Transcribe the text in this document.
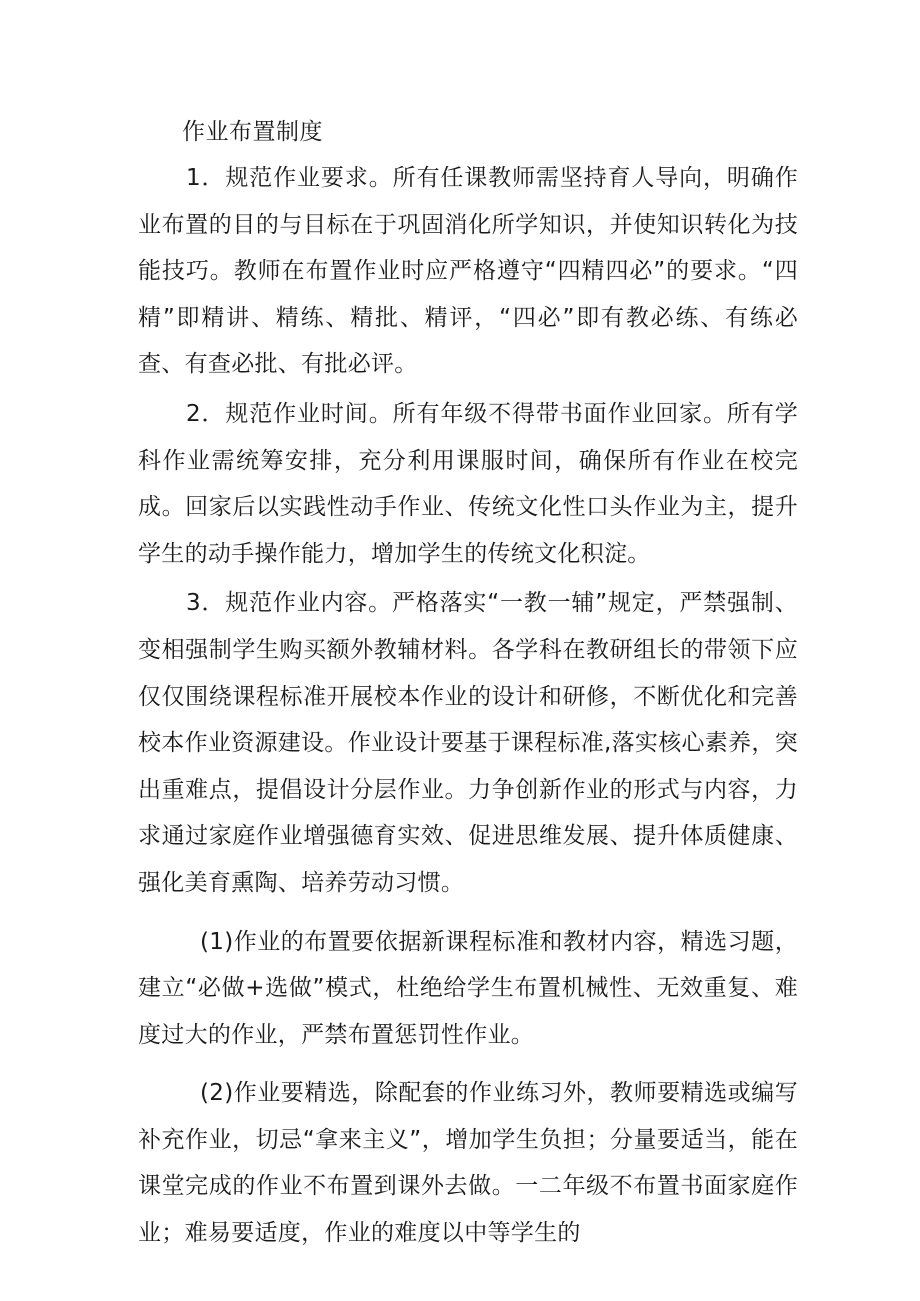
作业布置制度

1．规范作业要求。所有任课教师需坚持育人导向，明确作业布置的目的与目标在于巩固消化所学知识，并使知识转化为技能技巧。教师在布置作业时应严格遵守“四精四必”的要求。“四精”即精讲、精练、精批、精评，“四必”即有教必练、有练必查、有查必批、有批必评。

2．规范作业时间。所有年级不得带书面作业回家。所有学科作业需统筹安排，充分利用课服时间，确保所有作业在校完成。回家后以实践性动手作业、传统文化性口头作业为主，提升学生的动手操作能力，增加学生的传统文化积淀。

3．规范作业内容。严格落实“一教一辅”规定，严禁强制、变相强制学生购买额外教辅材料。各学科在教研组长的带领下应仅仅围绕课程标准开展校本作业的设计和研修，不断优化和完善校本作业资源建设。作业设计要基于课程标准,落实核心素养，突出重难点，提倡设计分层作业。力争创新作业的形式与内容，力求通过家庭作业增强德育实效、促进思维发展、提升体质健康、强化美育熏陶、培养劳动习惯。

(1)作业的布置要依据新课程标准和教材内容，精选习题，建立“必做+选做”模式，杜绝给学生布置机械性、无效重复、难度过大的作业，严禁布置惩罚性作业。

(2)作业要精选，除配套的作业练习外，教师要精选或编写补充作业，切忌“拿来主义”，增加学生负担；分量要适当，能在课堂完成的作业不布置到课外去做。一二年级不布置书面家庭作业；难易要适度，作业的难度以中等学生的
